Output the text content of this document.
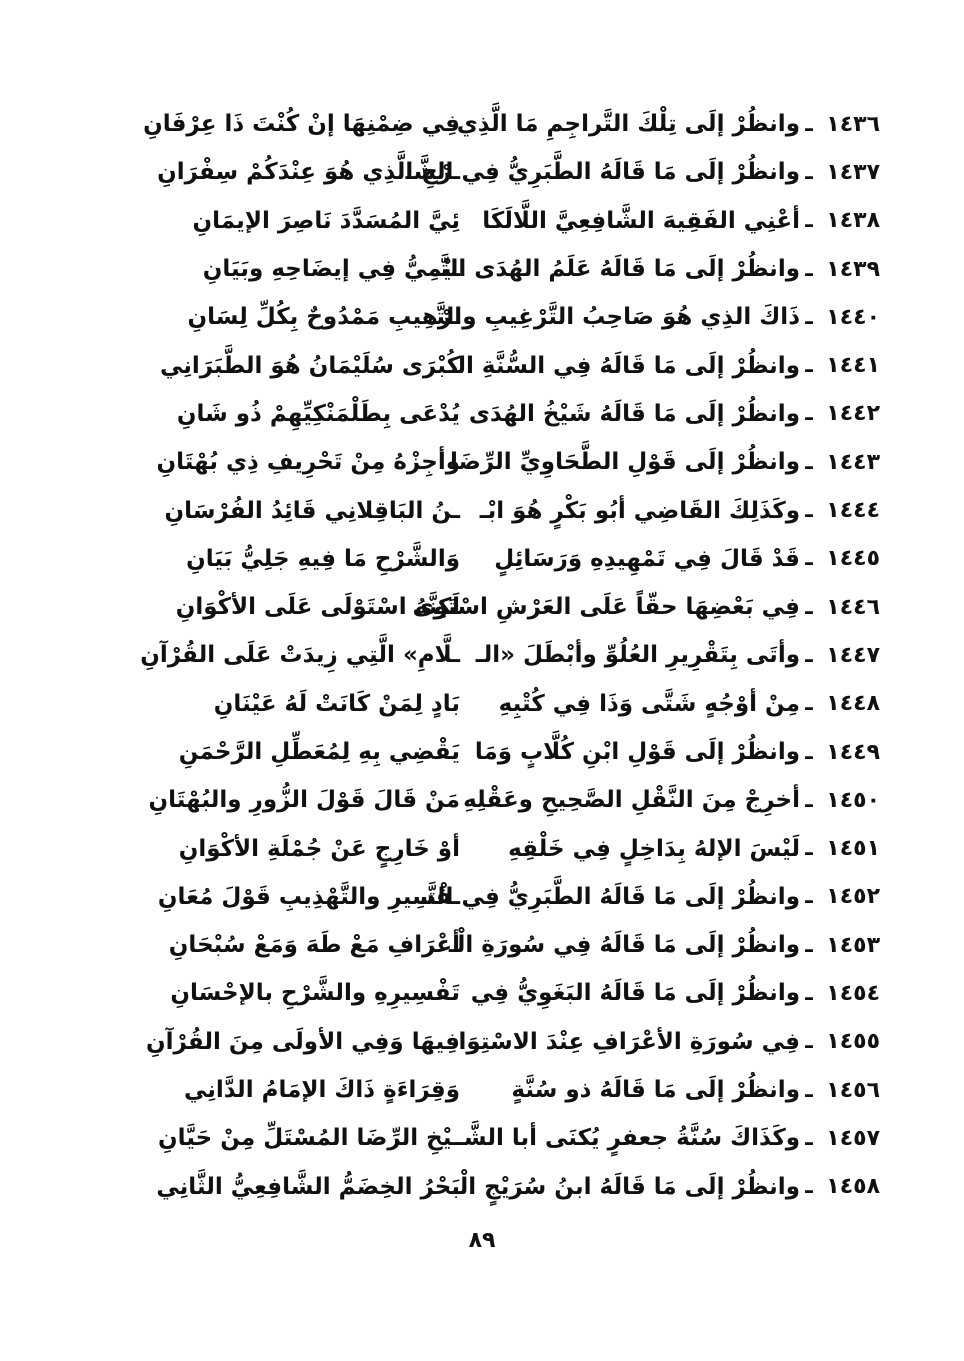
١٤٣٦
ـ
وانظُرْ إلَى تِلْكَ التَّراجِمِ مَا الَّذِي
فِي ضِمْنِهَا إنْ كُنْتَ ذَا عِرْفَانِ
١٤٣٧
ـ
وانظُرْ إلَى مَا قَالَهُ الطَّبَرِيُّ فِي الشَّـ
ـرْحِ الَّذِي هُوَ عِنْدَكُمْ سِفْرَانِ
١٤٣٨
ـ
أعْنِي الفَقِيهَ الشَّافِعِيَّ اللَّالَكَا
ئِيَّ المُسَدَّدَ نَاصِرَ الإيمَانِ
١٤٣٩
ـ
وانظُرْ إلَى مَا قَالَهُ عَلَمُ الهُدَى التَّـ
ـيْمِيُّ فِي إيضَاحِهِ وبَيَانِ
١٤٤٠
ـ
ذَاكَ الذِي هُوَ صَاحِبُ التَّرْغِيبِ والتَّـ
ـرْهِيبِ مَمْدُوحٌ بِكُلِّ لِسَانِ
١٤٤١
ـ
وانظُرْ إلَى مَا قَالَهُ فِي السُّنَّةِ الـ
كُبْرَى سُلَيْمَانُ هُوَ الطَّبَرَانِي
١٤٤٢
ـ
وانظُرْ إلَى مَا قَالَهُ شَيْخُ الهُدَى
يُدْعَى بِطَلْمَنْكِيِّهِمْ ذُو شَانِ
١٤٤٣
ـ
وانظُرْ إلَى قَوْلِ الطَّحَاوِيِّ الرِّضَا
وأجِزْهُ مِنْ تَحْرِيفِ ذِي بُهْتَانِ
١٤٤٤
ـ
وكَذَلِكَ القَاضِي أبُو بَكْرٍ هُوَ ابْـ
ـنُ البَاقِلانِي قَائِدُ الفُرْسَانِ
١٤٤٥
ـ
قَدْ قَالَ فِي تَمْهِيدِهِ وَرَسَائِلٍ
وَالشَّرْحِ مَا فِيهِ جَلِيُّ بَيَانِ
١٤٤٦
ـ
فِي بَعْضِهَا حقّاً عَلَى العَرْشِ اسْتَوى
لَكِنَّهُ اسْتَوْلَى عَلَى الأكْوَانِ
١٤٤٧
ـ
وأتَى بِتَقْرِيرِ العُلُوِّ وأبْطَلَ «الـ
ـلَّامِ» الَّتِي زِيدَتْ عَلَى القُرْآنِ
١٤٤٨
ـ
مِنْ أوْجُهٍ شَتَّى وَذَا فِي كُتْبِهِ
بَادٍ لِمَنْ كَانَتْ لَهُ عَيْنَانِ
١٤٤٩
ـ
وانظُرْ إلَى قَوْلِ ابْنِ كُلَّابٍ وَمَا
يَقْضِي بِهِ لِمُعَطِّلِ الرَّحْمَنِ
١٤٥٠
ـ
أخرِجْ مِنَ النَّقْلِ الصَّحِيحِ وعَقْلِهِ
مَنْ قَالَ قَوْلَ الزُّورِ والبُهْتَانِ
١٤٥١
ـ
لَيْسَ الإلهُ بِدَاخِلٍ فِي خَلْقِهِ
أوْ خَارِجٍ عَنْ جُمْلَةِ الأكْوَانِ
١٤٥٢
ـ
وانظُرْ إلَى مَا قَالَهُ الطَّبَرِيُّ فِي التَّـ
ـفْسِيرِ والتَّهْذِيبِ قَوْلَ مُعَانِ
١٤٥٣
ـ
وانظُرْ إلَى مَا قَالَهُ فِي سُورَةِ الْـ
أعْرَافِ مَعْ طَهَ وَمَعْ سُبْحَانِ
١٤٥٤
ـ
وانظُرْ إلَى مَا قَالَهُ البَغَوِيُّ فِي
تَفْسِيرِهِ والشَّرْحِ بالإحْسَانِ
١٤٥٥
ـ
فِي سُورَةِ الأعْرَافِ عِنْدَ الاسْتِوَا
فِيهَا وَفِي الأولَى مِنَ القُرْآنِ
١٤٥٦
ـ
وانظُرْ إلَى مَا قَالَهُ ذو سُنَّةٍ
وَقِرَاءَةٍ ذَاكَ الإمَامُ الدَّانِي
١٤٥٧
ـ
وكَذَاكَ سُنَّةُ جعفرٍ يُكنَى أبا الشَّـ
ـيْخِ الرِّضَا المُسْتَلِّ مِنْ حَيَّانِ
١٤٥٨
ـ
وانظُرْ إلَى مَا قَالَهُ ابنُ سُرَيْجٍ الْـ
بَحْرُ الخِضَمُّ الشَّافِعِيُّ الثَّانِي
٨٩
